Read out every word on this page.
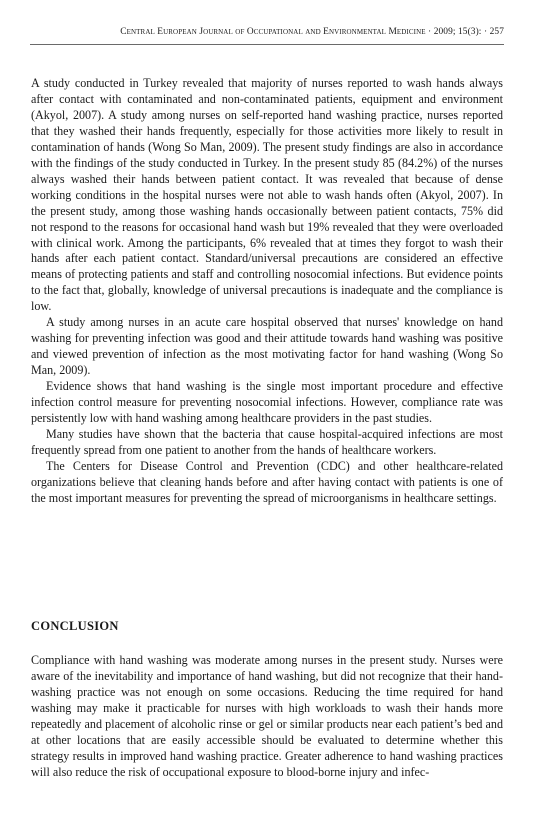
Central European Journal of Occupational and Environmental Medicine · 2009; 15(3): · 257

A study conducted in Turkey revealed that majority of nurses reported to wash hands always after contact with contaminated and non-contaminated patients, equipment and environment (Akyol, 2007). A study among nurses on self-reported hand washing practice, nurses reported that they washed their hands frequently, especially for those activities more likely to result in contamination of hands (Wong So Man, 2009). The present study findings are also in accordance with the findings of the study conducted in Turkey. In the present study 85 (84.2%) of the nurses always washed their hands between patient contact. It was revealed that because of dense working conditions in the hospital nurses were not able to wash hands often (Akyol, 2007). In the present study, among those washing hands occasionally between patient contacts, 75% did not respond to the reasons for occasional hand wash but 19% revealed that they were overloaded with clinical work. Among the participants, 6% revealed that at times they forgot to wash their hands after each patient contact. Standard/universal precautions are considered an effective means of protecting patients and staff and controlling nosocomial infections. But evidence points to the fact that, globally, knowledge of universal precautions is inadequate and the compliance is low.

A study among nurses in an acute care hospital observed that nurses' knowledge on hand washing for preventing infection was good and their attitude towards hand washing was positive and viewed prevention of infection as the most motivating factor for hand washing (Wong So Man, 2009).

Evidence shows that hand washing is the single most important procedure and effective infection control measure for preventing nosocomial infections. However, compliance rate was persistently low with hand washing among healthcare providers in the past studies.

Many studies have shown that the bacteria that cause hospital-acquired infections are most frequently spread from one patient to another from the hands of healthcare workers.

The Centers for Disease Control and Prevention (CDC) and other healthcare-related organizations believe that cleaning hands before and after having contact with patients is one of the most important measures for preventing the spread of microorganisms in healthcare settings.

CONCLUSION

Compliance with hand washing was moderate among nurses in the present study. Nurses were aware of the inevitability and importance of hand washing, but did not recognize that their hand-washing practice was not enough on some occasions. Reducing the time required for hand washing may make it practicable for nurses with high workloads to wash their hands more repeatedly and placement of alcoholic rinse or gel or similar products near each patient’s bed and at other locations that are easily accessible should be evaluated to determine whether this strategy results in improved hand washing practice. Greater adherence to hand washing practices will also reduce the risk of occupational exposure to blood-borne injury and infec-
